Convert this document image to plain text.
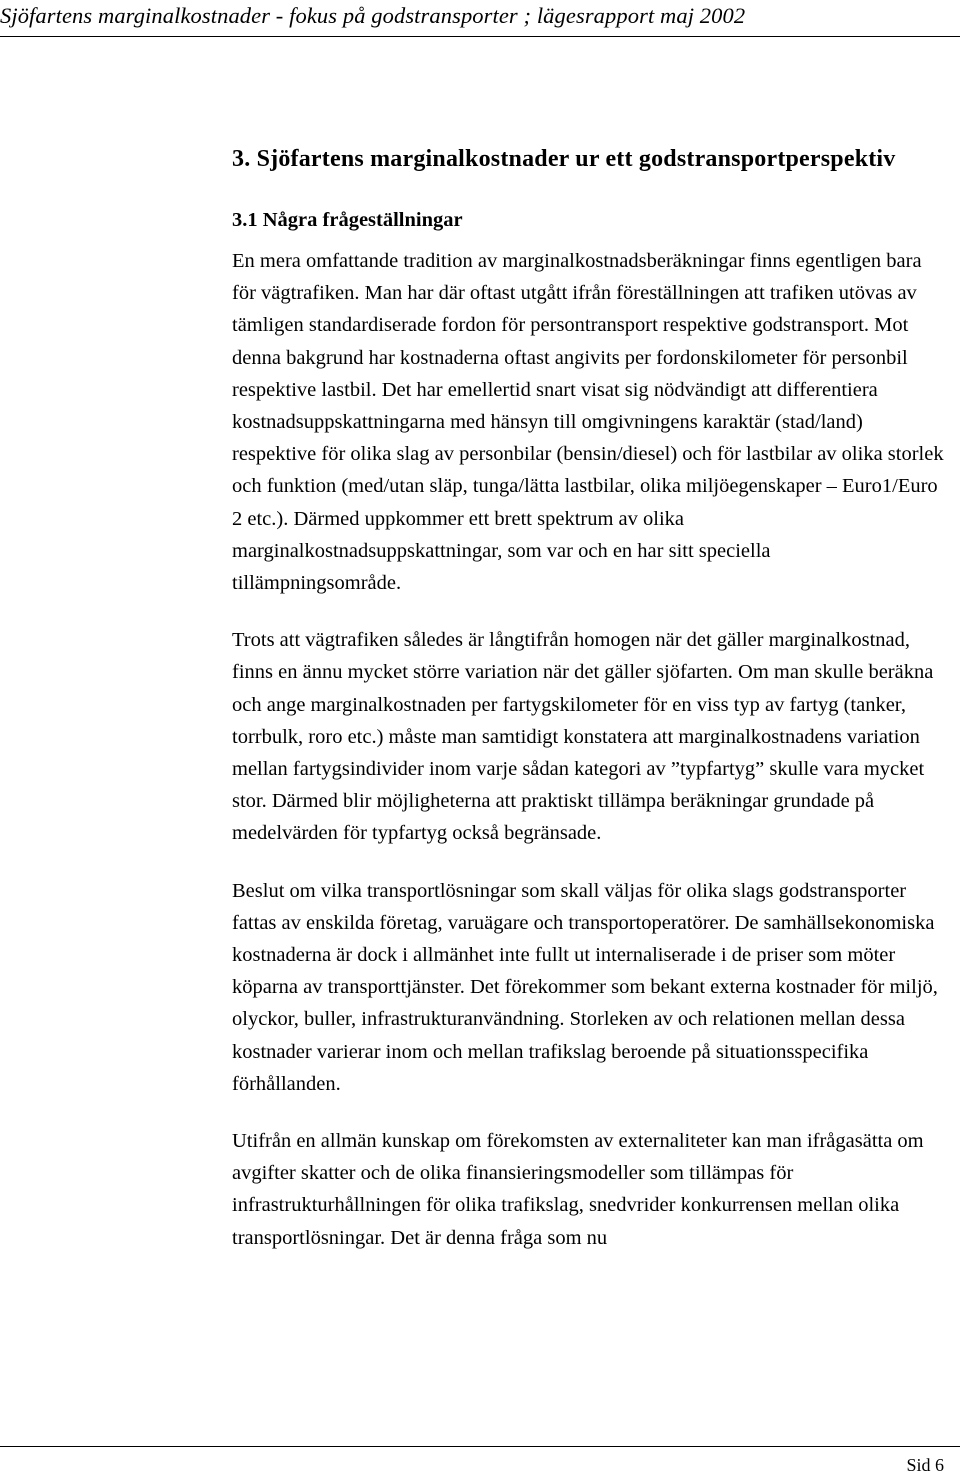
Sjöfartens marginalkostnader - fokus på godstransporter ; lägesrapport maj 2002
3. Sjöfartens marginalkostnader ur ett godstransportperspektiv
3.1 Några frågeställningar

En mera omfattande tradition av marginalkostnadsberäkningar finns egentligen bara för vägtrafiken. Man har där oftast utgått ifrån föreställningen att trafiken utövas av tämligen standardiserade fordon för persontransport respektive godstransport. Mot denna bakgrund har kostnaderna oftast angivits per fordonskilometer för personbil respektive lastbil. Det har emellertid snart visat sig nödvändigt att differentiera kostnadsuppskattningarna med hänsyn till omgivningens karaktär (stad/land) respektive för olika slag av personbilar (bensin/diesel) och för lastbilar av olika storlek och funktion (med/utan släp, tunga/lätta lastbilar, olika miljöegenskaper – Euro1/Euro 2 etc.). Därmed uppkommer ett brett spektrum av olika marginalkostnadsuppskattningar, som var och en har sitt speciella tillämpningsområde.

Trots att vägtrafiken således är långtifrån homogen när det gäller marginalkostnad, finns en ännu mycket större variation när det gäller sjöfarten. Om man skulle beräkna och ange marginalkostnaden per fartygskilometer för en viss typ av fartyg (tanker, torrbulk, roro etc.) måste man samtidigt konstatera att marginalkostnadens variation mellan fartygsindivider inom varje sådan kategori av ”typfartyg” skulle vara mycket stor. Därmed blir möjligheterna att praktiskt tillämpa beräkningar grundade på medelvärden för typfartyg också begränsade.

Beslut om vilka transportlösningar som skall väljas för olika slags godstransporter fattas av enskilda företag, varuägare och transportoperatörer. De samhällsekonomiska kostnaderna är dock i allmänhet inte fullt ut internaliserade i de priser som möter köparna av transporttjänster. Det förekommer som bekant externa kostnader för miljö, olyckor, buller, infrastrukturanvändning. Storleken av och relationen mellan dessa kostnader varierar inom och mellan trafikslag beroende på situationsspecifika förhållanden.

Utifrån en allmän kunskap om förekomsten av externaliteter kan man ifrågasätta om avgifter skatter och de olika finansieringsmodeller som tillämpas för infrastrukturhållningen för olika trafikslag, snedvrider konkurrensen mellan olika transportlösningar. Det är denna fråga som nu

Sid 6
